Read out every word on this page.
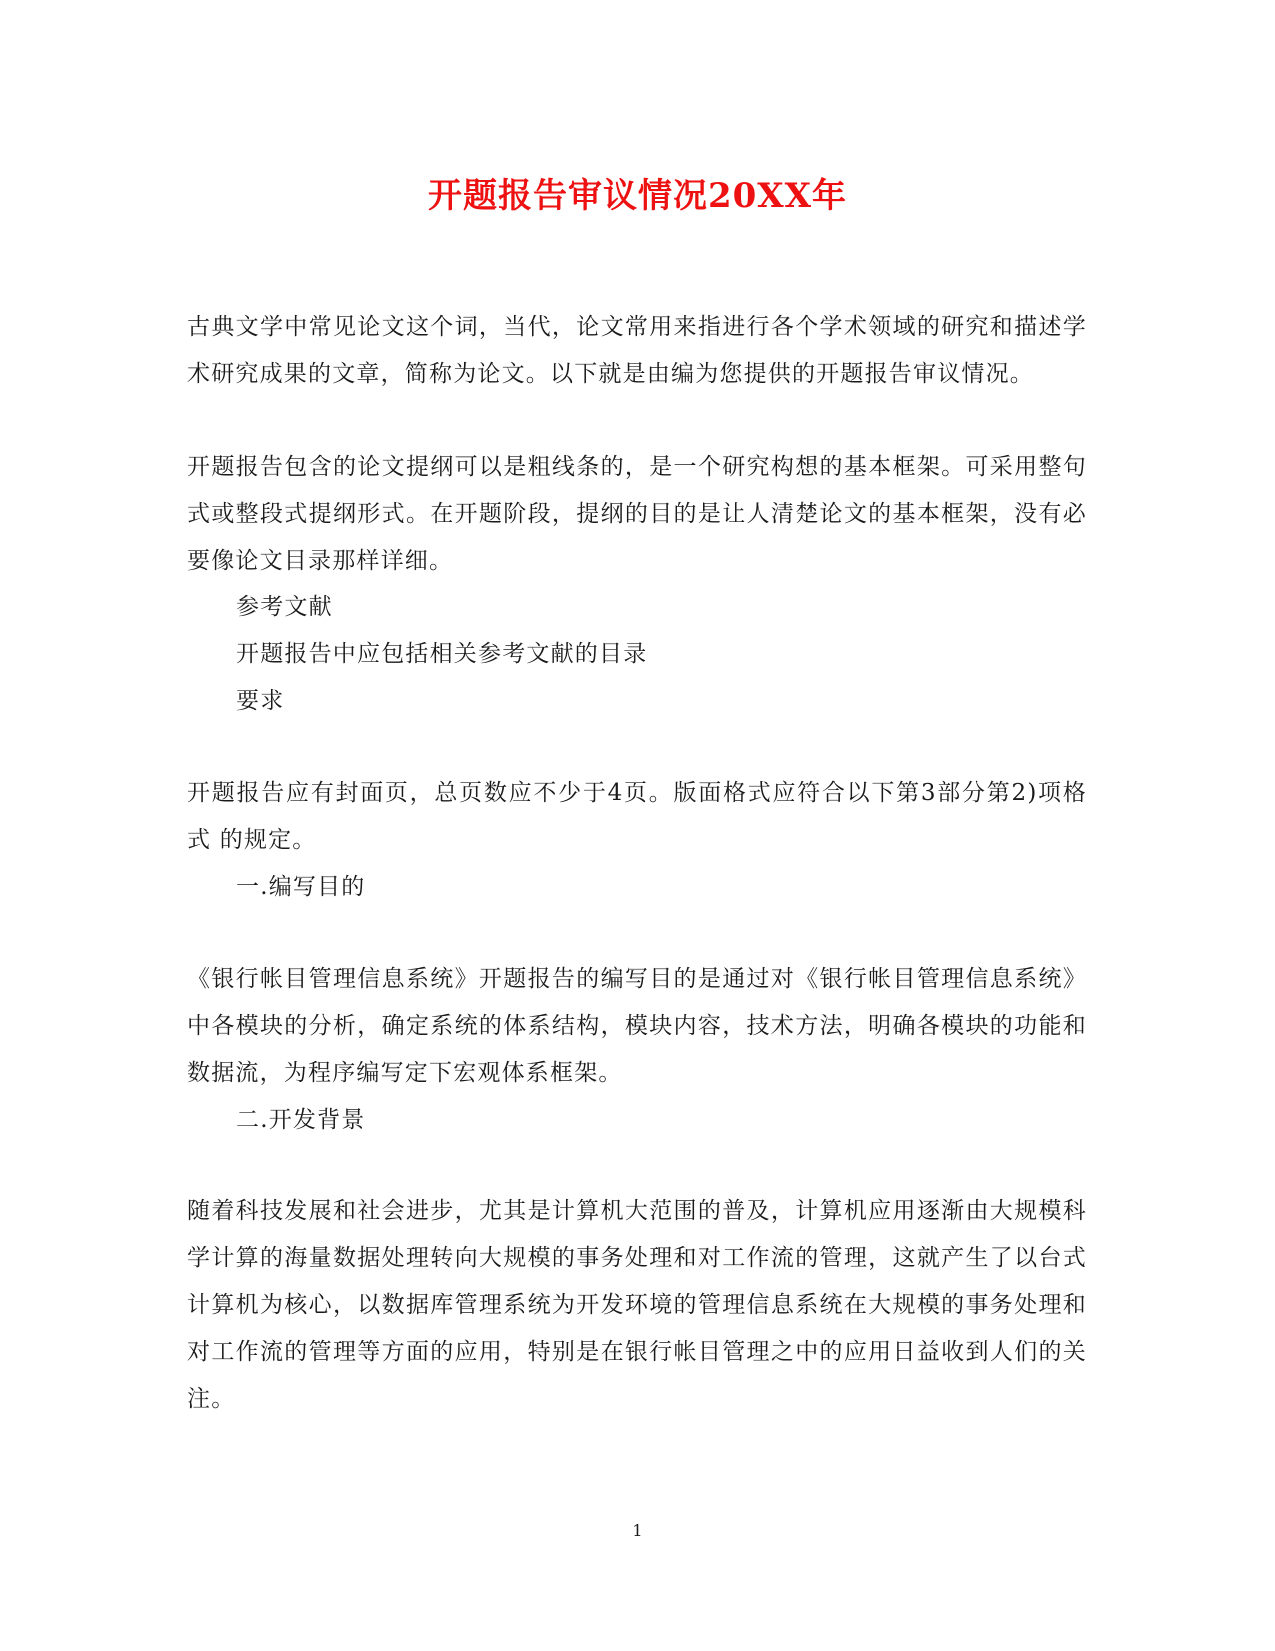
开题报告审议情况20XX年

古典文学中常见论文这个词，当代，论文常用来指进行各个学术领域的研究和描述学术研究成果的文章，简称为论文。以下就是由编为您提供的开题报告审议情况。

开题报告包含的论文提纲可以是粗线条的，是一个研究构想的基本框架。可采用整句式或整段式提纲形式。在开题阶段，提纲的目的是让人清楚论文的基本框架，没有必要像论文目录那样详细。

参考文献

开题报告中应包括相关参考文献的目录

要求

开题报告应有封面页，总页数应不少于4页。版面格式应符合以下第3部分第2)项格式 的规定。

一.编写目的

《银行帐目管理信息系统》开题报告的编写目的是通过对《银行帐目管理信息系统》中各模块的分析，确定系统的体系结构，模块内容，技术方法，明确各模块的功能和数据流，为程序编写定下宏观体系框架。

二.开发背景

随着科技发展和社会进步，尤其是计算机大范围的普及，计算机应用逐渐由大规模科学计算的海量数据处理转向大规模的事务处理和对工作流的管理，这就产生了以台式计算机为核心，以数据库管理系统为开发环境的管理信息系统在大规模的事务处理和对工作流的管理等方面的应用，特别是在银行帐目管理之中的应用日益收到人们的关注。

1
